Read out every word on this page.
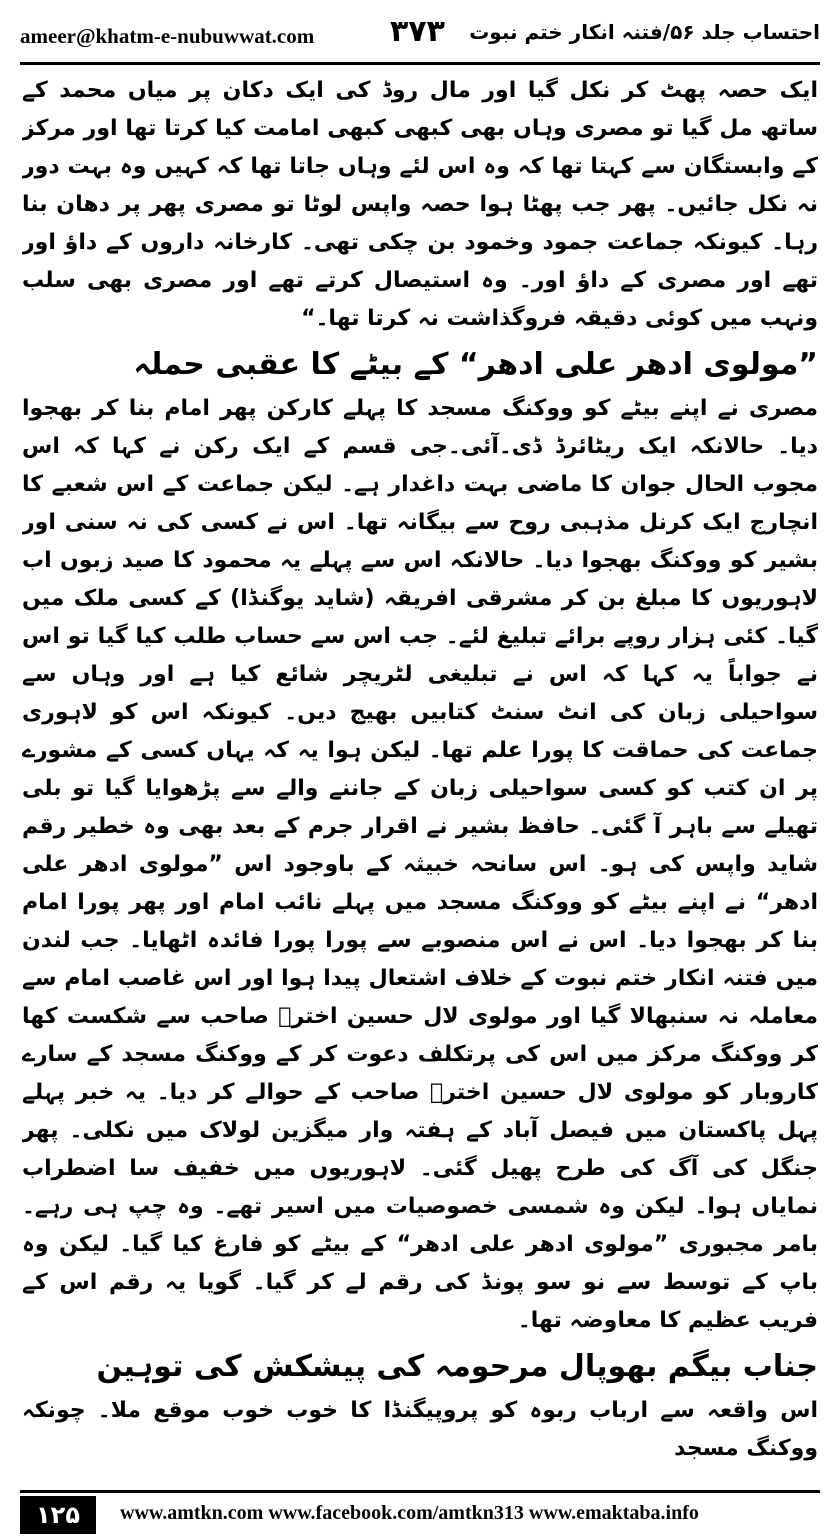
ameer@khatm-e-nubuwwat.com	۳۷۳ احتساب جلد ۵۶/فتنہ انکار ختم نبوت

ایک حصہ پھٹ کر نکل گیا اور مال روڈ کی ایک دکان پر میاں محمد کے ساتھ مل گیا تو مصری وہاں بھی کبھی کبھی امامت کیا کرتا تھا اور مرکز کے وابستگان سے کہتا تھا کہ وہ اس لئے وہاں جاتا تھا کہ کہیں وہ بہت دور نہ نکل جائیں۔ پھر جب پھٹا ہوا حصہ واپس لوٹا تو مصری پھر پر دھان بنا رہا۔ کیونکہ جماعت جمود وخمود بن چکی تھی۔ کارخانہ داروں کے داؤ اور تھے اور مصری کے داؤ اور۔ وہ استیصال کرتے تھے اور مصری بھی سلب ونہب میں کوئی دقیقہ فروگذاشت نہ کرتا تھا۔“

”مولوی ادھر علی ادھر“ کے بیٹے کا عقبی حملہ

مصری نے اپنے بیٹے کو ووکنگ مسجد کا پہلے کارکن پھر امام بنا کر بھجوا دیا۔ حالانکہ ایک ریٹائرڈ ڈی۔آئی۔جی قسم کے ایک رکن نے کہا کہ اس مجوب الحال جوان کا ماضی بہت داغدار ہے۔ لیکن جماعت کے اس شعبے کا انچارج ایک کرنل مذہبی روح سے بیگانہ تھا۔ اس نے کسی کی نہ سنی اور بشیر کو ووکنگ بھجوا دیا۔ حالانکہ اس سے پہلے یہ محمود کا صید زبوں اب لاہوریوں کا مبلغ بن کر مشرقی افریقہ (شاید یوگنڈا) کے کسی ملک میں گیا۔ کئی ہزار روپے برائے تبلیغ لئے۔ جب اس سے حساب طلب کیا گیا تو اس نے جواباً یہ کہا کہ اس نے تبلیغی لٹریچر شائع کیا ہے اور وہاں سے سواحیلی زبان کی انٹ سنٹ کتابیں بھیج دیں۔ کیونکہ اس کو لاہوری جماعت کی حماقت کا پورا علم تھا۔ لیکن ہوا یہ کہ یہاں کسی کے مشورے پر ان کتب کو کسی سواحیلی زبان کے جاننے والے سے پڑھوایا گیا تو بلی تھیلے سے باہر آ گئی۔ حافظ بشیر نے اقرار جرم کے بعد بھی وہ خطیر رقم شاید واپس کی ہو۔ اس سانحہ خبیثہ کے باوجود اس ”مولوی ادھر علی ادھر“ نے اپنے بیٹے کو ووکنگ مسجد میں پہلے نائب امام اور پھر پورا امام بنا کر بھجوا دیا۔ اس نے اس منصوبے سے پورا پورا فائدہ اٹھایا۔ جب لندن میں فتنہ انکار ختم نبوت کے خلاف اشتعال پیدا ہوا اور اس غاصب امام سے معاملہ نہ سنبھالا گیا اور مولوی لال حسین اخترؒ صاحب سے شکست کھا کر ووکنگ مرکز میں اس کی پرتکلف دعوت کر کے ووکنگ مسجد کے سارے کاروبار کو مولوی لال حسین اخترؒ صاحب کے حوالے کر دیا۔ یہ خبر پہلے پہل پاکستان میں فیصل آباد کے ہفتہ وار میگزین لولاک میں نکلی۔ پھر جنگل کی آگ کی طرح پھیل گئی۔ لاہوریوں میں خفیف سا اضطراب نمایاں ہوا۔ لیکن وہ شمسی خصوصیات میں اسیر تھے۔ وہ چپ ہی رہے۔ بامر مجبوری ”مولوی ادھر علی ادھر“ کے بیٹے کو فارغ کیا گیا۔ لیکن وہ باپ کے توسط سے نو سو پونڈ کی رقم لے کر گیا۔ گویا یہ رقم اس کے فریب عظیم کا معاوضہ تھا۔

جناب بیگم بھوپال مرحومہ کی پیشکش کی توہین

اس واقعہ سے ارباب ربوہ کو پروپیگنڈا کا خوب خوب موقع ملا۔ چونکہ ووکنگ مسجد

۱۲۵	www.amtkn.com www.facebook.com/amtkn313 www.emaktaba.info
